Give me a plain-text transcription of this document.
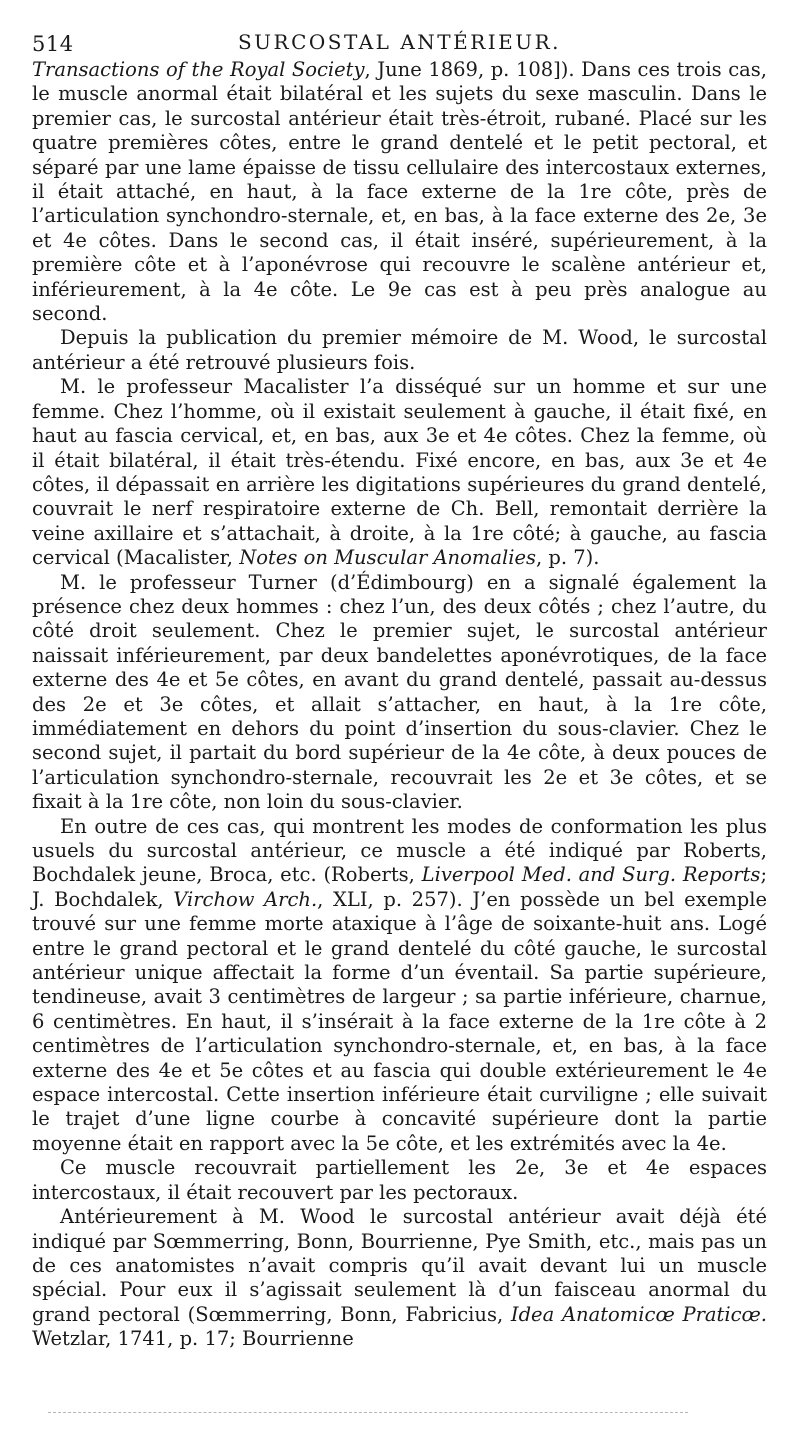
514	SURCOSTAL ANTÉRIEUR.

Transactions of the Royal Society, June 1869, p. 108]). Dans ces trois cas, le muscle anormal était bilatéral et les sujets du sexe masculin. Dans le premier cas, le surcostal antérieur était très-étroit, rubané. Placé sur les quatre premières côtes, entre le grand dentelé et le petit pectoral, et séparé par une lame épaisse de tissu cellulaire des intercostaux externes, il était attaché, en haut, à la face externe de la 1re côte, près de l’articulation synchondro-sternale, et, en bas, à la face externe des 2e, 3e et 4e côtes. Dans le second cas, il était inséré, supérieurement, à la première côte et à l’aponévrose qui recouvre le scalène antérieur et, inférieurement, à la 4e côte. Le 9e cas est à peu près analogue au second.

Depuis la publication du premier mémoire de M. Wood, le surcostal antérieur a été retrouvé plusieurs fois.

M. le professeur Macalister l’a disséqué sur un homme et sur une femme. Chez l’homme, où il existait seulement à gauche, il était fixé, en haut au fascia cervical, et, en bas, aux 3e et 4e côtes. Chez la femme, où il était bilatéral, il était très-étendu. Fixé encore, en bas, aux 3e et 4e côtes, il dépassait en arrière les digitations supérieures du grand dentelé, couvrait le nerf respiratoire externe de Ch. Bell, remontait derrière la veine axillaire et s’attachait, à droite, à la 1re côté; à gauche, au fascia cervical (Macalister, Notes on Muscular Anomalies, p. 7).

M. le professeur Turner (d’Édimbourg) en a signalé également la présence chez deux hommes : chez l’un, des deux côtés ; chez l’autre, du côté droit seulement. Chez le premier sujet, le surcostal antérieur naissait inférieurement, par deux bandelettes aponévrotiques, de la face externe des 4e et 5e côtes, en avant du grand dentelé, passait au-dessus des 2e et 3e côtes, et allait s’attacher, en haut, à la 1re côte, immédiatement en dehors du point d’insertion du sous-clavier. Chez le second sujet, il partait du bord supérieur de la 4e côte, à deux pouces de l’articulation synchondro-sternale, recouvrait les 2e et 3e côtes, et se fixait à la 1re côte, non loin du sous-clavier.

En outre de ces cas, qui montrent les modes de conformation les plus usuels du surcostal antérieur, ce muscle a été indiqué par Roberts, Bochdalek jeune, Broca, etc. (Roberts, Liverpool Med. and Surg. Reports; J. Bochdalek, Virchow Arch., XLI, p. 257). J’en possède un bel exemple trouvé sur une femme morte ataxique à l’âge de soixante-huit ans. Logé entre le grand pectoral et le grand dentelé du côté gauche, le surcostal antérieur unique affectait la forme d’un éventail. Sa partie supérieure, tendineuse, avait 3 centimètres de largeur ; sa partie inférieure, charnue, 6 centimètres. En haut, il s’insérait à la face externe de la 1re côte à 2 centimètres de l’articulation synchondro-sternale, et, en bas, à la face externe des 4e et 5e côtes et au fascia qui double extérieurement le 4e espace intercostal. Cette insertion inférieure était curviligne ; elle suivait le trajet d’une ligne courbe à concavité supérieure dont la partie moyenne était en rapport avec la 5e côte, et les extrémités avec la 4e.

Ce muscle recouvrait partiellement les 2e, 3e et 4e espaces intercostaux, il était recouvert par les pectoraux.

Antérieurement à M. Wood le surcostal antérieur avait déjà été indiqué par Sœmmerring, Bonn, Bourrienne, Pye Smith, etc., mais pas un de ces anatomistes n’avait compris qu’il avait devant lui un muscle spécial. Pour eux il s’agissait seulement là d’un faisceau anormal du grand pectoral (Sœmmerring, Bonn, Fabricius, Idea Anatomicœ Praticœ. Wetzlar, 1741, p. 17; Bourrienne
